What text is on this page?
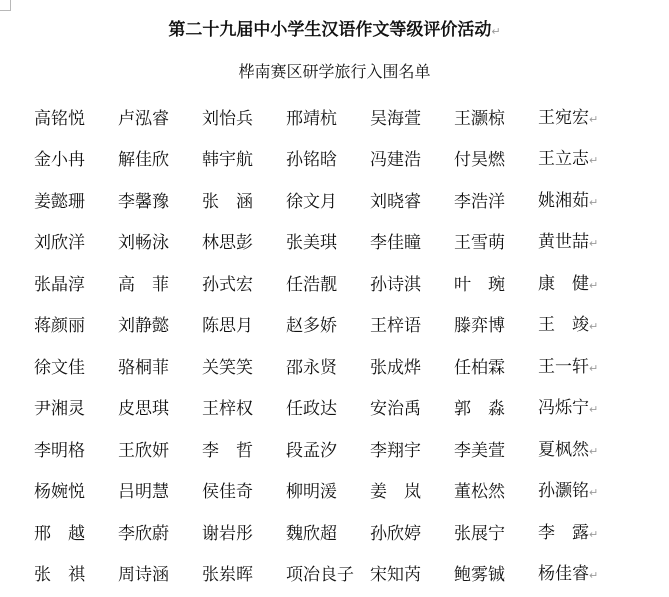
第二十九届中小学生汉语作文等级评价活动↵
桦南赛区研学旅行入围名单
高铭悦	卢泓睿	刘怡兵	邢靖杭	吴海萱	王灏椋	王宛宏↵
金小冉	解佳欣	韩宇航	孙铭晗	冯建浩	付昊燃	王立志↵
姜懿珊	李馨豫	张　涵	徐文月	刘晓睿	李浩洋	姚湘茹↵
刘欣洋	刘畅泳	林思彭	张美琪	李佳瞳	王雪萌	黄世喆↵
张晶淳	高　菲	孙式宏	任浩靓	孙诗淇	叶　琬	康　健↵
蒋颜丽	刘静懿	陈思月	赵多娇	王梓语	滕弈博	王　竣↵
徐文佳	骆桐菲	关笑笑	邵永贤	张成烨	任柏霖	王一轩↵
尹湘灵	皮思琪	王梓权	任政达	安治禹	郭　淼	冯烁宁↵
李明格	王欣妍	李　哲	段孟汐	李翔宇	李美萱	夏枫然↵
杨婉悦	吕明慧	侯佳奇	柳明湲	姜　岚	董松然	孙灏铭↵
邢　越	李欣蔚	谢岩彤	魏欣超	孙欣婷	张展宁	李　露↵
张　祺	周诗涵	张岽晖	项冶良子 宋知芮	鲍雾铖	杨佳睿↵
